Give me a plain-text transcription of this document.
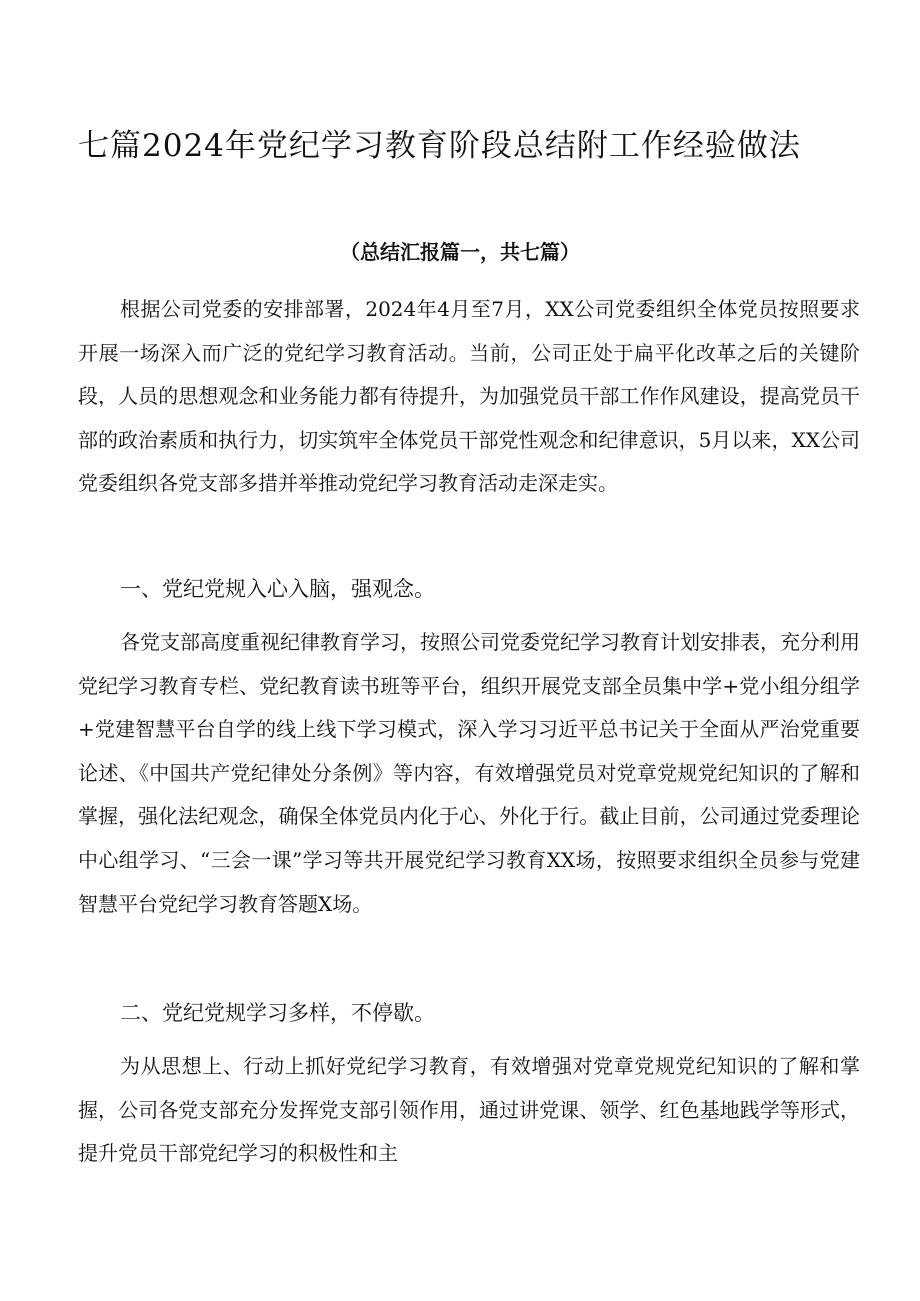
七篇2024年党纪学习教育阶段总结附工作经验做法

（总结汇报篇一，共七篇）

根据公司党委的安排部署，2024年4月至7月，XX公司党委组织全体党员按照要求开展一场深入而广泛的党纪学习教育活动。当前，公司正处于扁平化改革之后的关键阶段，人员的思想观念和业务能力都有待提升，为加强党员干部工作作风建设，提高党员干部的政治素质和执行力，切实筑牢全体党员干部党性观念和纪律意识，5月以来，XX公司党委组织各党支部多措并举推动党纪学习教育活动走深走实。

一、党纪党规入心入脑，强观念。

各党支部高度重视纪律教育学习，按照公司党委党纪学习教育计划安排表，充分利用党纪学习教育专栏、党纪教育读书班等平台，组织开展党支部全员集中学+党小组分组学+党建智慧平台自学的线上线下学习模式，深入学习习近平总书记关于全面从严治党重要论述、《中国共产党纪律处分条例》等内容，有效增强党员对党章党规党纪知识的了解和掌握，强化法纪观念，确保全体党员内化于心、外化于行。截止目前，公司通过党委理论中心组学习、“三会一课”学习等共开展党纪学习教育XX场，按照要求组织全员参与党建智慧平台党纪学习教育答题X场。

二、党纪党规学习多样，不停歇。

为从思想上、行动上抓好党纪学习教育，有效增强对党章党规党纪知识的了解和掌握，公司各党支部充分发挥党支部引领作用，通过讲党课、领学、红色基地践学等形式，提升党员干部党纪学习的积极性和主
